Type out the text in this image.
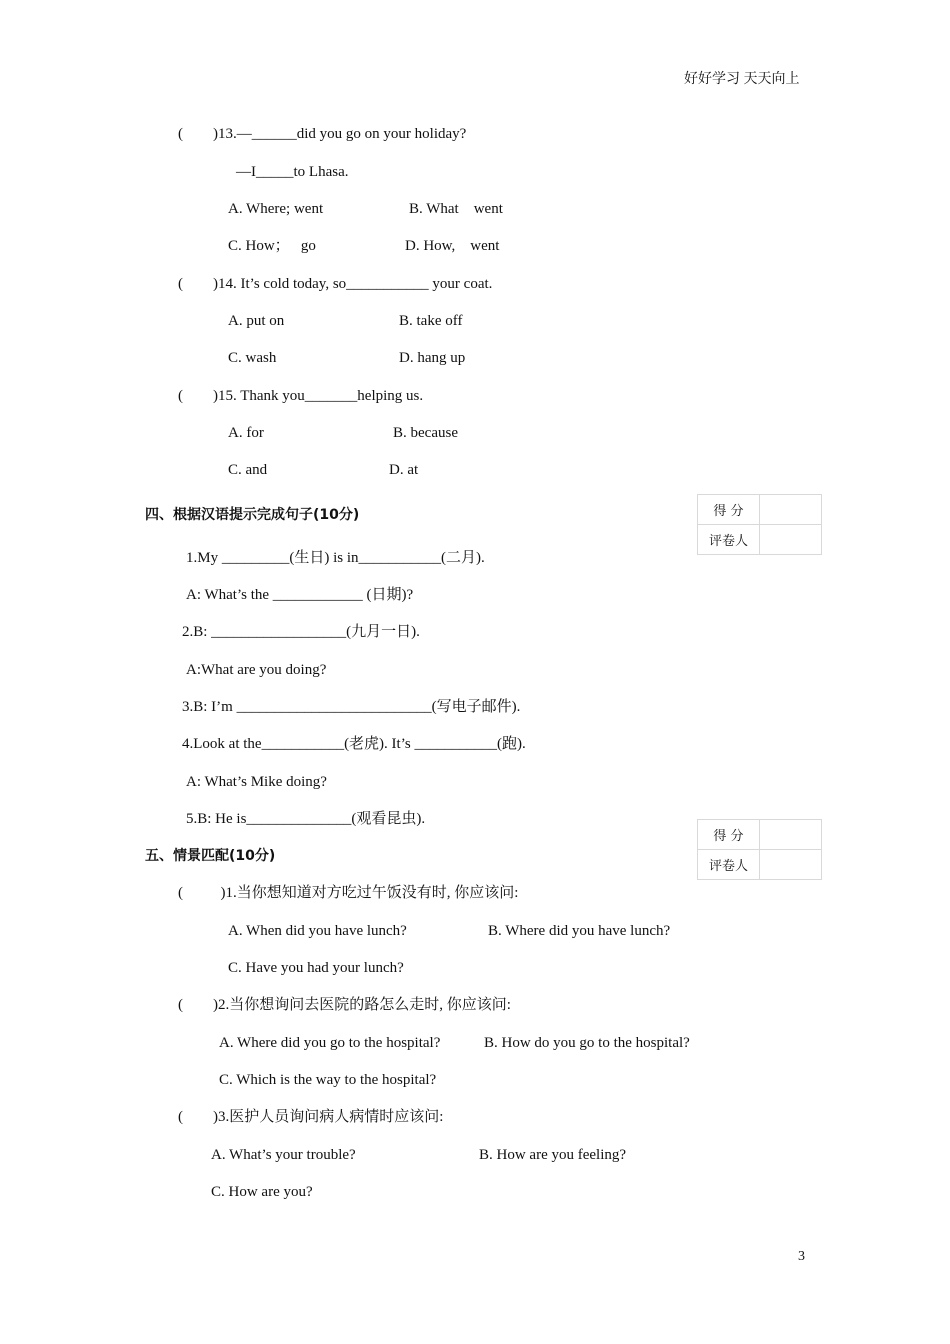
好好学习 天天向上
(        )13.—______did you go on your holiday?
—I_____to Lhasa.
A. Where; went	B. What    went
C. How；   go	D. How,    went
(        )14. It’s cold today, so___________ your coat.
A. put on	B. take off
C. wash	D. hang up
(        )15. Thank you_______helping us.
A. for	B. because
C. and	D. at
四、根据汉语提示完成句子(10分)	得 分	
评卷人	
1.My _________(生日) is in___________(二月).
A: What’s the ____________ (日期)?
2.B: __________________(九月一日).
A:What are you doing?
3.B: I’m __________________________(写电子邮件).
4.Look at the___________(老虎). It’s ___________(跑).
A: What’s Mike doing?
5.B: He is______________(观看昆虫).
五、情景匹配(10分)
得 分	
评卷人	
(          )1.当你想知道对方吃过午饭没有时, 你应该问:
A. When did you have lunch?	B. Where did you have lunch?
C. Have you had your lunch?
(        )2.当你想询问去医院的路怎么走时, 你应该问:
A. Where did you go to the hospital?	B. How do you go to the hospital?
C. Which is the way to the hospital?
(        )3.医护人员询问病人病情时应该问:
A. What’s your trouble?	B. How are you feeling?
C. How are you?
3
